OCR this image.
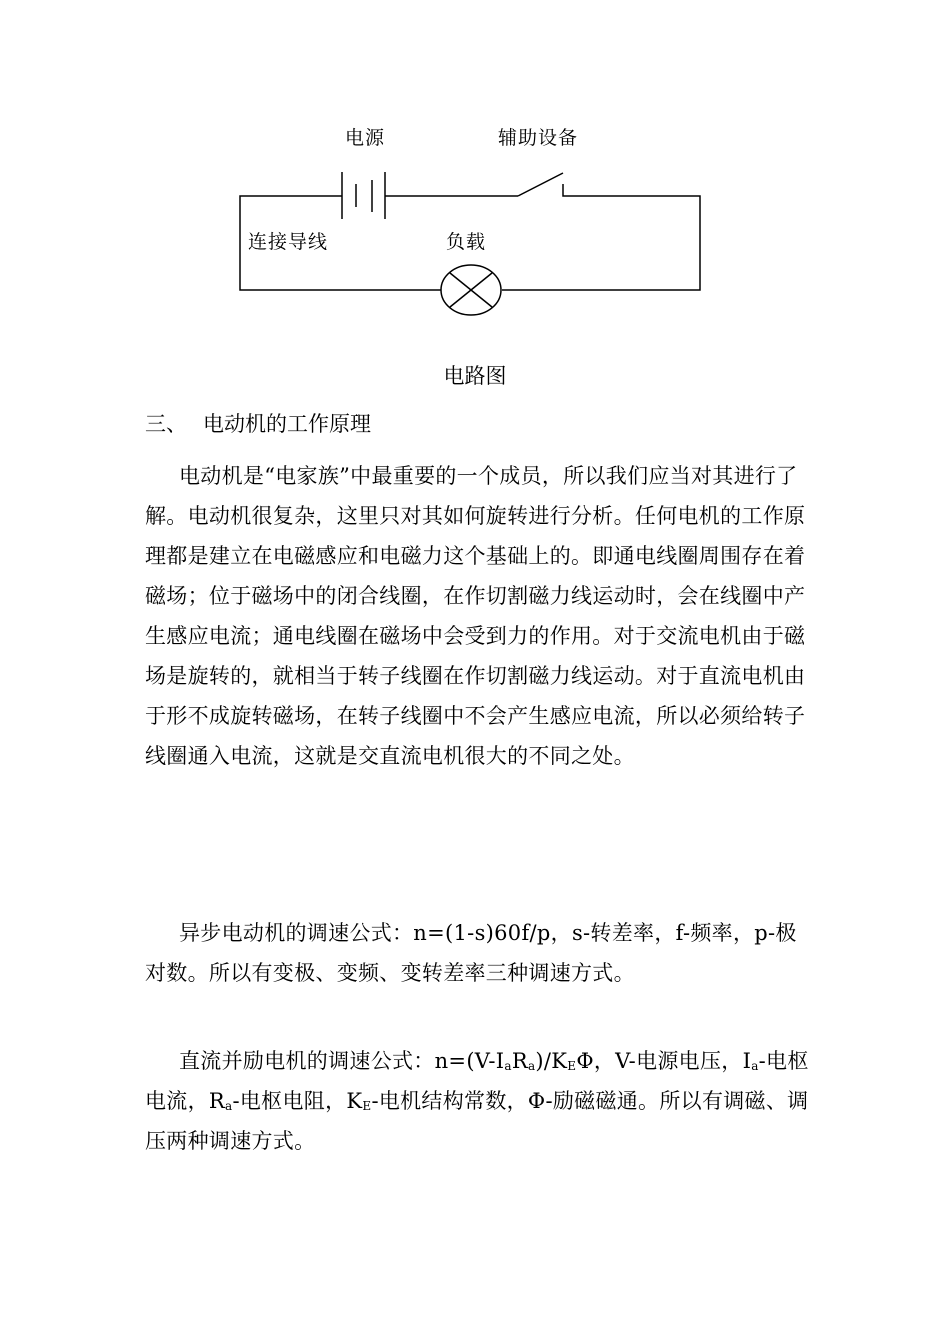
电源	辅助设备
连接导线	负载
电路图
三、 电动机的工作原理
电动机是“电家族”中最重要的一个成员，所以我们应当对其进行了解。电动机很复杂，这里只对其如何旋转进行分析。任何电机的工作原理都是建立在电磁感应和电磁力这个基础上的。即通电线圈周围存在着磁场；位于磁场中的闭合线圈，在作切割磁力线运动时，会在线圈中产生感应电流；通电线圈在磁场中会受到力的作用。对于交流电机由于磁场是旋转的，就相当于转子线圈在作切割磁力线运动。对于直流电机由于形不成旋转磁场，在转子线圈中不会产生感应电流，所以必须给转子线圈通入电流，这就是交直流电机很大的不同之处。
异步电动机的调速公式：n=(1-s)60f/p，s-转差率，f-频率，p-极对数。所以有变极、变频、变转差率三种调速方式。
直流并励电机的调速公式：$n=(V-I_aR_a)/K_E\Phi$，V-电源电压，$I_a-$电枢电流，$R_a-$电枢电阻，$K_E-$电机结构常数，Φ-励磁磁通。所以有调磁、调压两种调速方式。
